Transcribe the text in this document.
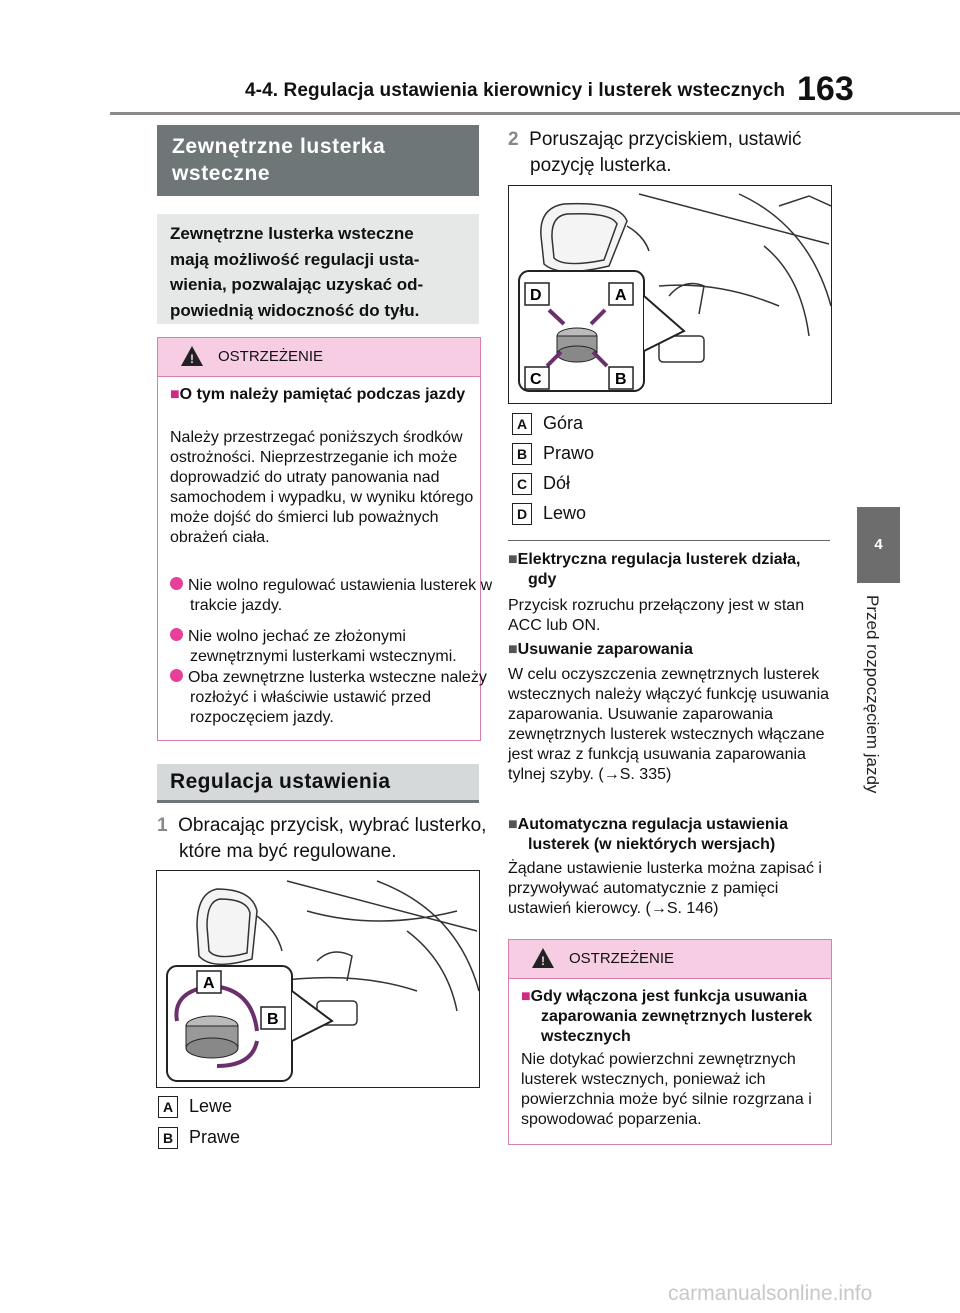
4-4. Regulacja ustawienia kierownicy i lusterek wstecznych 163
4
Przed rozpoczęciem jazdy
Zewnętrzne lusterka wsteczne
Zewnętrzne lusterka wsteczne
mają możliwość regulacji usta-
wienia, pozwalając uzyskać od-
powiednią widoczność do tyłu.
!	OSTRZEŻENIE
■O tym należy pamiętać podczas jazdy
Należy przestrzegać poniższych środków ostrożności. Nieprzestrzeganie ich może doprowadzić do utraty panowania nad samochodem i wypadku, w wyniku którego może dojść do śmierci lub poważnych obrażeń ciała.
Nie wolno regulować ustawienia lusterek w trakcie jazdy.
Nie wolno jechać ze złożonymi zewnętrznymi lusterkami wstecznymi.
Oba zewnętrzne lusterka wsteczne należy rozłożyć i właściwie ustawić przed rozpoczęciem jazdy.
Regulacja ustawienia
1 Obracając przycisk, wybrać lusterko, które ma być regulowane.
A
B
A Lewe
B Prawe
2 Poruszając przyciskiem, ustawić pozycję lusterka.
D	A
C	B
A Góra
B Prawo
C Dół
D Lewo
■Elektryczna regulacja lusterek działa, gdy
Przycisk rozruchu przełączony jest w stan ACC lub ON.
■Usuwanie zaparowania
W celu oczyszczenia zewnętrznych lusterek wstecznych należy włączyć funkcję usuwania zaparowania. Usuwanie zaparowania zewnętrznych lusterek wstecznych włączane jest wraz z funkcją usuwania zaparowania tylnej szyby. (→S. 335)
■Automatyczna regulacja ustawienia lusterek (w niektórych wersjach)
Żądane ustawienie lusterka można zapisać i przywoływać automatycznie z pamięci ustawień kierowcy. (→S. 146)
!	OSTRZEŻENIE
■Gdy włączona jest funkcja usuwania zaparowania zewnętrznych lusterek wstecznych
Nie dotykać powierzchni zewnętrznych lusterek wstecznych, ponieważ ich powierzchnia może być silnie rozgrzana i spowodować poparzenia.
carmanualsonline.info
